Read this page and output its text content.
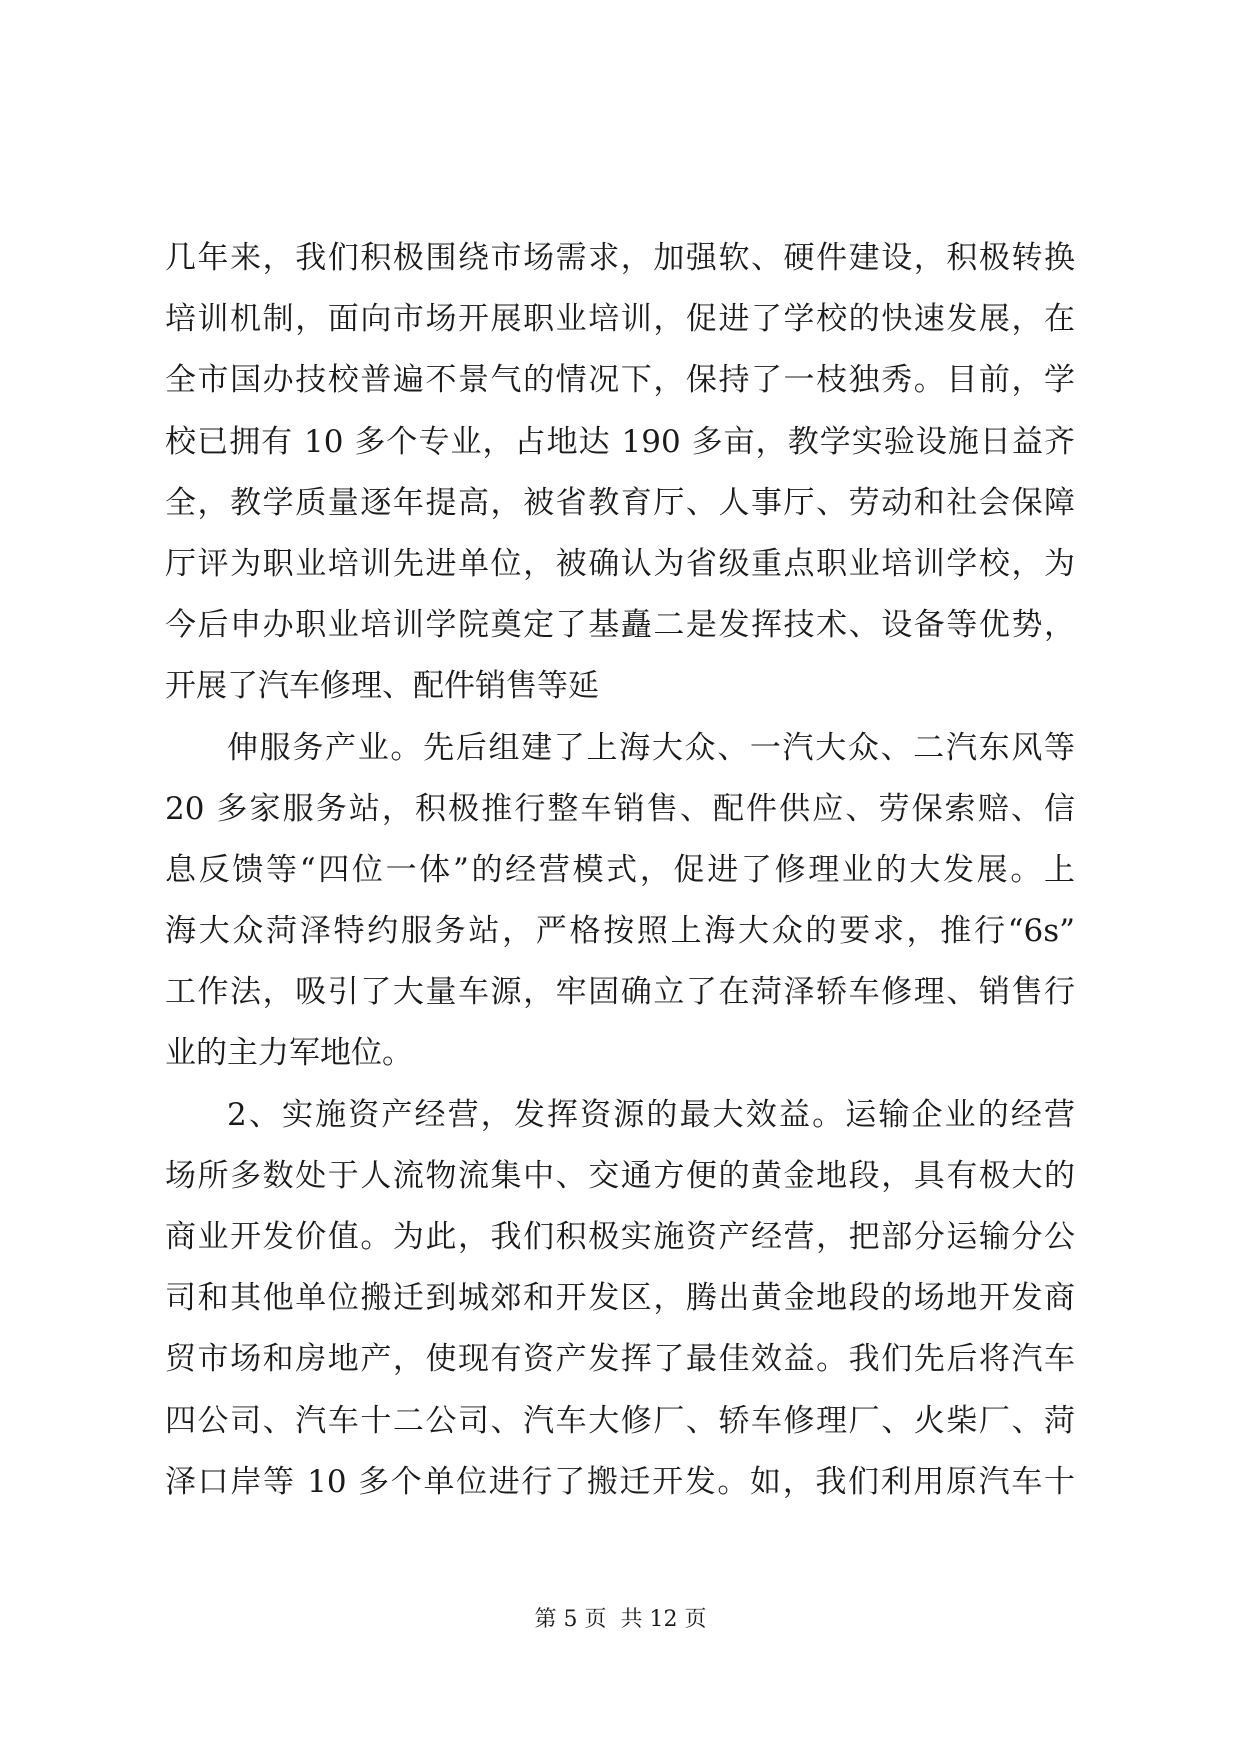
几年来，我们积极围绕市场需求，加强软、硬件建设，积极转换
培训机制，面向市场开展职业培训，促进了学校的快速发展，在
全市国办技校普遍不景气的情况下，保持了一枝独秀。目前，学
校已拥有 10 多个专业，占地达 190 多亩，教学实验设施日益齐
全，教学质量逐年提高，被省教育厅、人事厅、劳动和社会保障
厅评为职业培训先进单位，被确认为省级重点职业培训学校，为
今后申办职业培训学院奠定了基矗二是发挥技术、设备等优势，
开展了汽车修理、配件销售等延
伸服务产业。先后组建了上海大众、一汽大众、二汽东风等
20 多家服务站，积极推行整车销售、配件供应、劳保索赔、信
息反馈等“四位一体”的经营模式，促进了修理业的大发展。上
海大众菏泽特约服务站，严格按照上海大众的要求，推行“6s”
工作法，吸引了大量车源，牢固确立了在菏泽轿车修理、销售行
业的主力军地位。
2、实施资产经营，发挥资源的最大效益。运输企业的经营
场所多数处于人流物流集中、交通方便的黄金地段，具有极大的
商业开发价值。为此，我们积极实施资产经营，把部分运输分公
司和其他单位搬迁到城郊和开发区，腾出黄金地段的场地开发商
贸市场和房地产，使现有资产发挥了最佳效益。我们先后将汽车
四公司、汽车十二公司、汽车大修厂、轿车修理厂、火柴厂、菏
泽口岸等 10 多个单位进行了搬迁开发。如，我们利用原汽车十
第 5 页 共 12 页
